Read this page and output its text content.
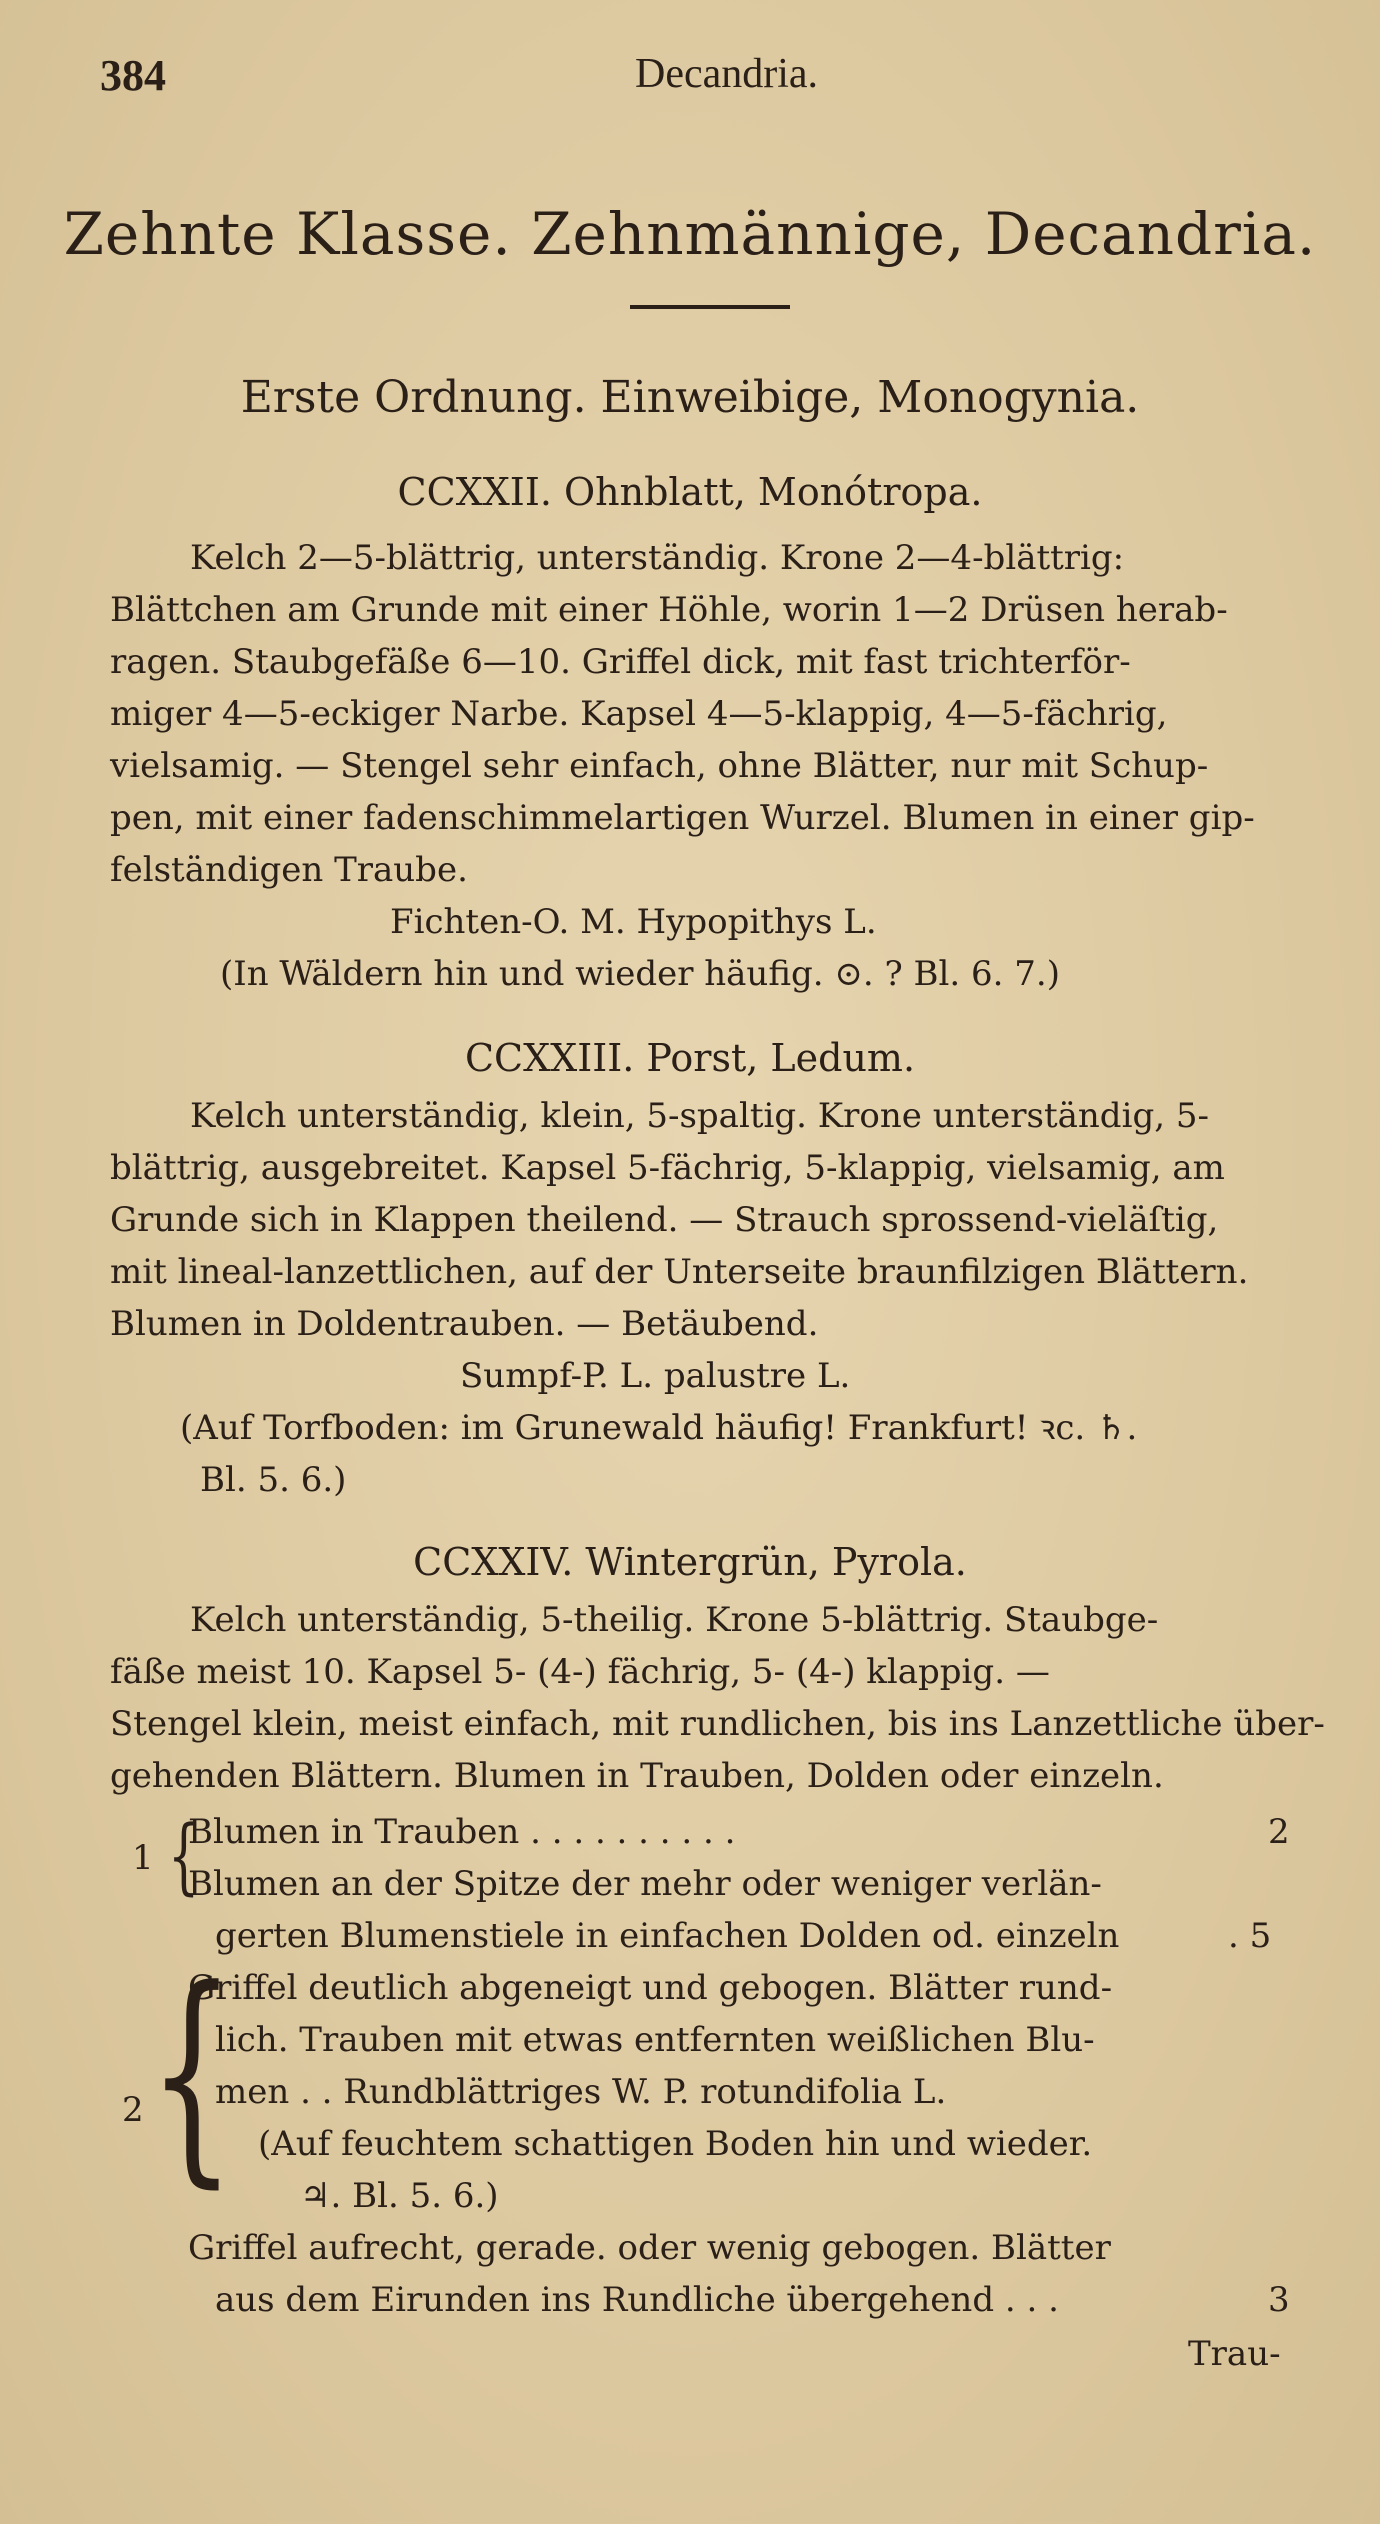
384	Decandria.
Zehnte Klasse. Zehnmännige, Decandria.
Erste Ordnung. Einweibige, Monogynia.
CCXXII. Ohnblatt, Monótropa.
Kelch 2—5-blättrig, unterständig. Krone 2—4-blättrig:
Blättchen am Grunde mit einer Höhle, worin 1—2 Drüsen herab-
ragen. Staubgefäße 6—10. Griffel dick, mit fast trichterför-
miger 4—5-eckiger Narbe. Kapsel 4—5-klappig, 4—5-fächrig,
vielsamig. — Stengel sehr einfach, ohne Blätter, nur mit Schup-
pen, mit einer fadenschimmelartigen Wurzel. Blumen in einer gip-
felständigen Traube.
Fichten-O. M. Hypopithys L.
(In Wäldern hin und wieder häufig. ⊙. ? Bl. 6. 7.)
CCXXIII. Porst, Ledum.
Kelch unterständig, klein, 5-spaltig. Krone unterständig, 5-
blättrig, ausgebreitet. Kapsel 5-fächrig, 5-klappig, vielsamig, am
Grunde sich in Klappen theilend. — Strauch sprossend-vieläſtig,
mit lineal-lanzettlichen, auf der Unterseite braunfilzigen Blättern.
Blumen in Doldentrauben. — Betäubend.
Sumpf-P. L. palustre L.
(Auf Torfboden: im Grunewald häufig! Frankfurt! ꝛc. ♄.
Bl. 5. 6.)
CCXXIV. Wintergrün, Pyrola.
Kelch unterständig, 5-theilig. Krone 5-blättrig. Staubge-
fäße meist 10. Kapsel 5- (4-) fächrig, 5- (4-) klappig. —
Stengel klein, meist einfach, mit rundlichen, bis ins Lanzettliche über-
gehenden Blättern. Blumen in Trauben, Dolden oder einzeln.
1 {
Blumen in Trauben . . . . . . . . . .	2
Blumen an der Spitze der mehr oder weniger verlän-
gerten Blumenstiele in einfachen Dolden od. einzeln	. 5
2 {
Griffel deutlich abgeneigt und gebogen. Blätter rund-
lich. Trauben mit etwas entfernten weißlichen Blu-
men . . Rundblättriges W. P. rotundifolia L.
(Auf feuchtem schattigen Boden hin und wieder.
♃. Bl. 5. 6.)
Griffel aufrecht, gerade. oder wenig gebogen. Blätter
aus dem Eirunden ins Rundliche übergehend . . .	3
Trau-
